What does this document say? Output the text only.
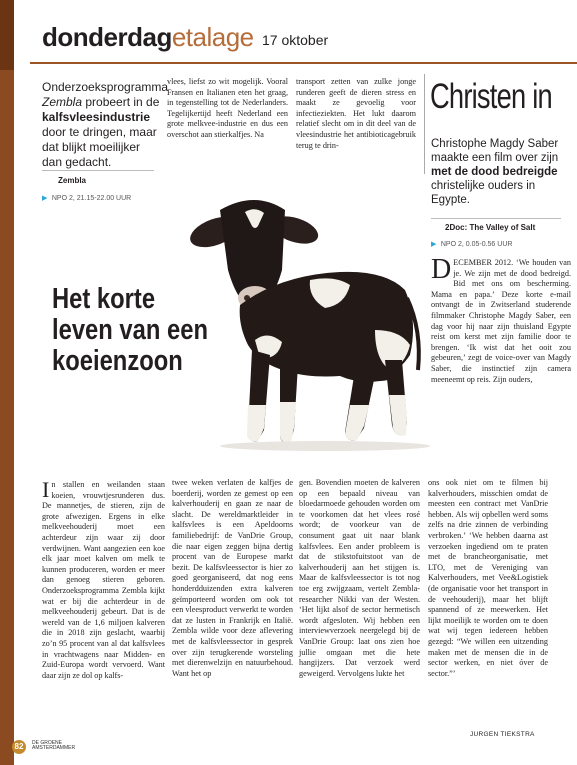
donderdagetalage 17 oktober
Onderzoeksprogramma Zembla probeert in de kalfsvleesindustrie door te dringen, maar dat blijkt moeilijker dan gedacht.
Zembla
▶ NPO 2, 21.15-22.00 UUR
vlees, liefst zo wit mogelijk. Vooral Fransen en Italianen eten het graag, in tegenstelling tot de Nederlanders. Tegelijkertijd heeft Nederland een grote melkvee-industrie en dus een overschot aan stierkalfjes. Na
transport zetten van zulke jonge runderen geeft de dieren stress en maakt ze gevoelig voor infectieziekten. Het lukt daarom relatief slecht om in dit deel van de vleesindustrie het antibioticagebruik terug te drin-
Het korte
leven van een
koeienzoon
In stallen en weilanden staan koeien, vrouwtjesrunderen dus. De mannetjes, de stieren, zijn de grote afwezigen. Ergens in elke melkveehouderij moet een achterdeur zijn waar zij door verdwijnen. Want aangezien een koe elk jaar moet kalven om melk te kunnen produceren, worden er meer dan genoeg stieren geboren. Onderzoeksprogramma Zembla kijkt wat er bij die achterdeur in de melkveehouderij gebeurt. Dat is de wereld van de 1,6 miljoen kalveren die in 2018 zijn geslacht, waarbij zo’n 95 procent van al dat kalfsvlees in vrachtwagens naar Midden- en Zuid-Europa wordt vervoerd. Want daar zijn ze dol op kalfs-
twee weken verlaten de kalfjes de boerderij, worden ze gemest op een kalverhouderij en gaan ze naar de slacht. De wereldmarktleider in kalfsvlees is een Apeldoorns familiebedrijf: de VanDrie Group, die naar eigen zeggen bijna dertig procent van de Europese markt bezit. De kalfsvleessector is hier zo goed georganiseerd, dat nog eens honderdduizenden extra kalveren geïmporteerd worden om ook tot een vleesproduct verwerkt te worden dat ze lusten in Frankrijk en Italië. Zembla wilde voor deze aflevering met de kalfsvleessector in gesprek over zijn terugkerende worsteling met dierenwelzijn en natuurbehoud. Want het op
gen. Bovendien moeten de kalveren op een bepaald niveau van bloedarmoede gehouden worden om te voorkomen dat het vlees rosé wordt; de voorkeur van de consument gaat uit naar blank kalfsvlees. Een ander probleem is dat de stikstofuitstoot van de kalverhouderij aan het stijgen is. Maar de kalfsvleessector is tot nog toe erg zwijgzaam, vertelt Zembla-researcher Nikki van der Westen. ‘Het lijkt alsof de sector hermetisch wordt afgesloten. Wij hebben een interviewverzoek neergelegd bij de VanDrie Group: laat ons zien hoe jullie omgaan met die hete hangijzers. Dat verzoek werd geweigerd. Vervolgens lukte het
ons ook niet om te filmen bij kalverhouders, misschien omdat de meesten een contract met VanDrie hebben. Als wij opbellen werd soms zelfs na drie zinnen de verbinding verbroken.’ ‘We hebben daarna ast verzoeken ingediend om te praten met de brancheorganisatie, met LTO, met de Vereniging van Kalverhouders, met Vee&Logistiek (de organisatie voor het transport in de veehouderij), maar het blijft spannend of ze meewerken. Het lijkt moeilijk te worden om te doen wat wij tegen iedereen hebben gezegd: “We willen een uitzending maken met de mensen die in de sector werken, en niet óver de sector.”’
JURGEN TIEKSTRA
Christen in
Christophe Magdy Saber maakte een film over zijn met de dood bedreigde christelijke ouders in Egypte.
2Doc: The Valley of Salt
▶ NPO 2, 0.05-0.56 UUR
DECEMBER 2012. ‘We houden van je. We zijn met de dood bedreigd. Bid met ons om bescherming. Mama en papa.’ Deze korte e-mail ontvangt de in Zwitserland studerende filmmaker Christophe Magdy Saber, een dag voor hij naar zijn thuisland Egypte reist om kerst met zijn familie door te brengen. ‘Ik wist dat het ooit zou gebeuren,’ zegt de voice-over van Magdy Saber, die instinctief zijn camera meeneemt op reis. Zijn ouders,
82	DE GROENE
AMSTERDAMMER
